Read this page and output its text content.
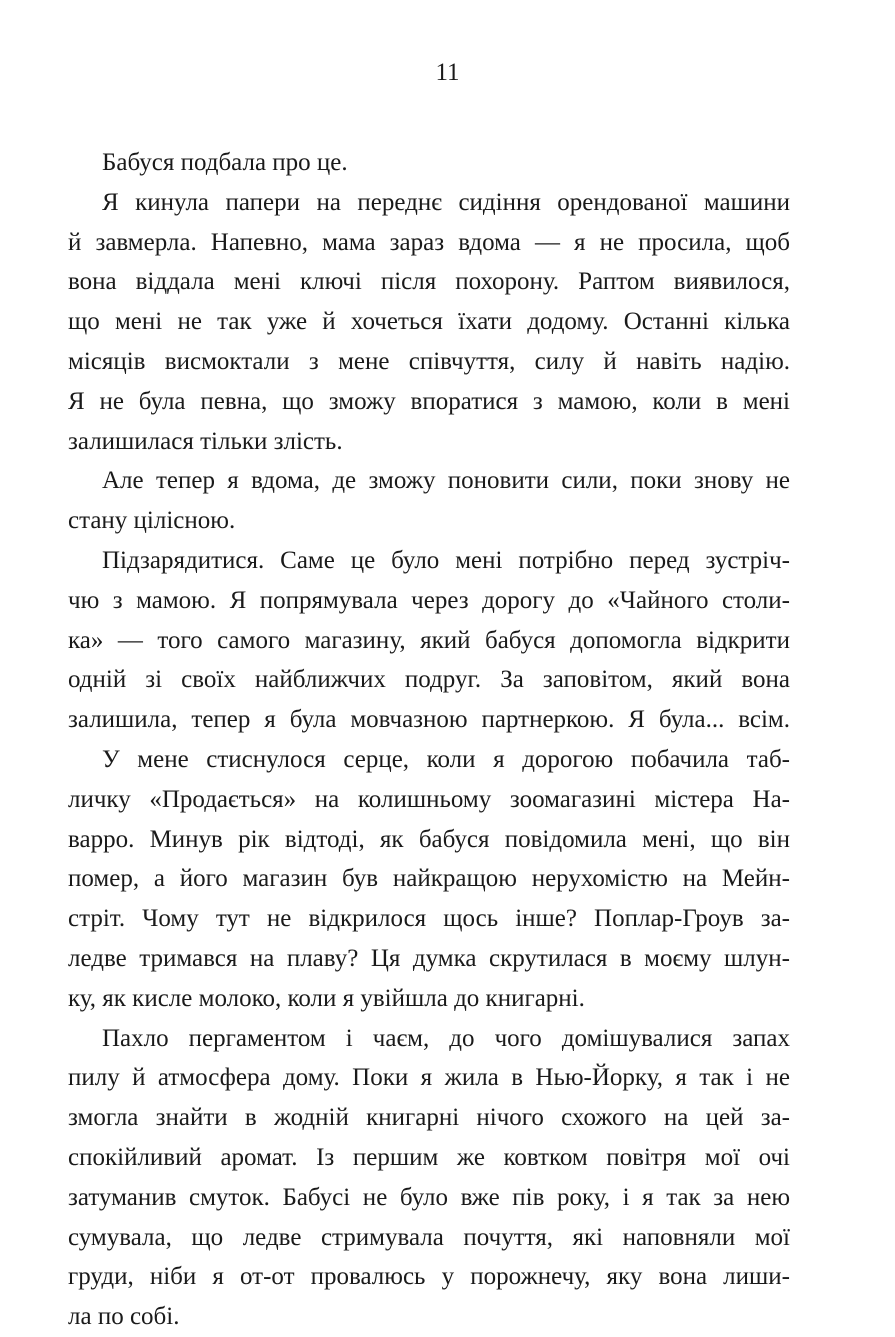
11
Бабуся подбала про це.
Я кинула папери на переднє сидіння орендованої машини
й завмерла. Напевно, мама зараз вдома — я не просила, щоб
вона віддала мені ключі після похорону. Раптом виявилося,
що мені не так уже й хочеться їхати додому. Останні кілька
місяців висмоктали з мене співчуття, силу й навіть надію.
Я не була певна, що зможу впоратися з мамою, коли в мені
залишилася тільки злість.
Але тепер я вдома, де зможу поновити сили, поки знову не
стану цілісною.
Підзарядитися. Саме це було мені потрібно перед зустріч-
чю з мамою. Я попрямувала через дорогу до «Чайного столи-
ка» — того самого магазину, який бабуся допомогла відкрити
одній зі своїх найближчих подруг. За заповітом, який вона
залишила, тепер я була мовчазною партнеркою. Я була... всім.
У мене стиснулося серце, коли я дорогою побачила таб-
личку «Продається» на колишньому зоомагазині містера На-
варро. Минув рік відтоді, як бабуся повідомила мені, що він
помер, а його магазин був найкращою нерухомістю на Мейн-
стріт. Чому тут не відкрилося щось інше? Поплар-Гроув за-
ледве тримався на плаву? Ця думка скрутилася в моєму шлун-
ку, як кисле молоко, коли я увійшла до книгарні.
Пахло пергаментом і чаєм, до чого домішувалися запах
пилу й атмосфера дому. Поки я жила в Нью-Йорку, я так і не
змогла знайти в жодній книгарні нічого схожого на цей за-
спокійливий аромат. Із першим же ковтком повітря мої очі
затуманив смуток. Бабусі не було вже пів року, і я так за нею
сумувала, що ледве стримувала почуття, які наповняли мої
груди, ніби я от-от провалюсь у порожнечу, яку вона лиши-
ла по собі.
